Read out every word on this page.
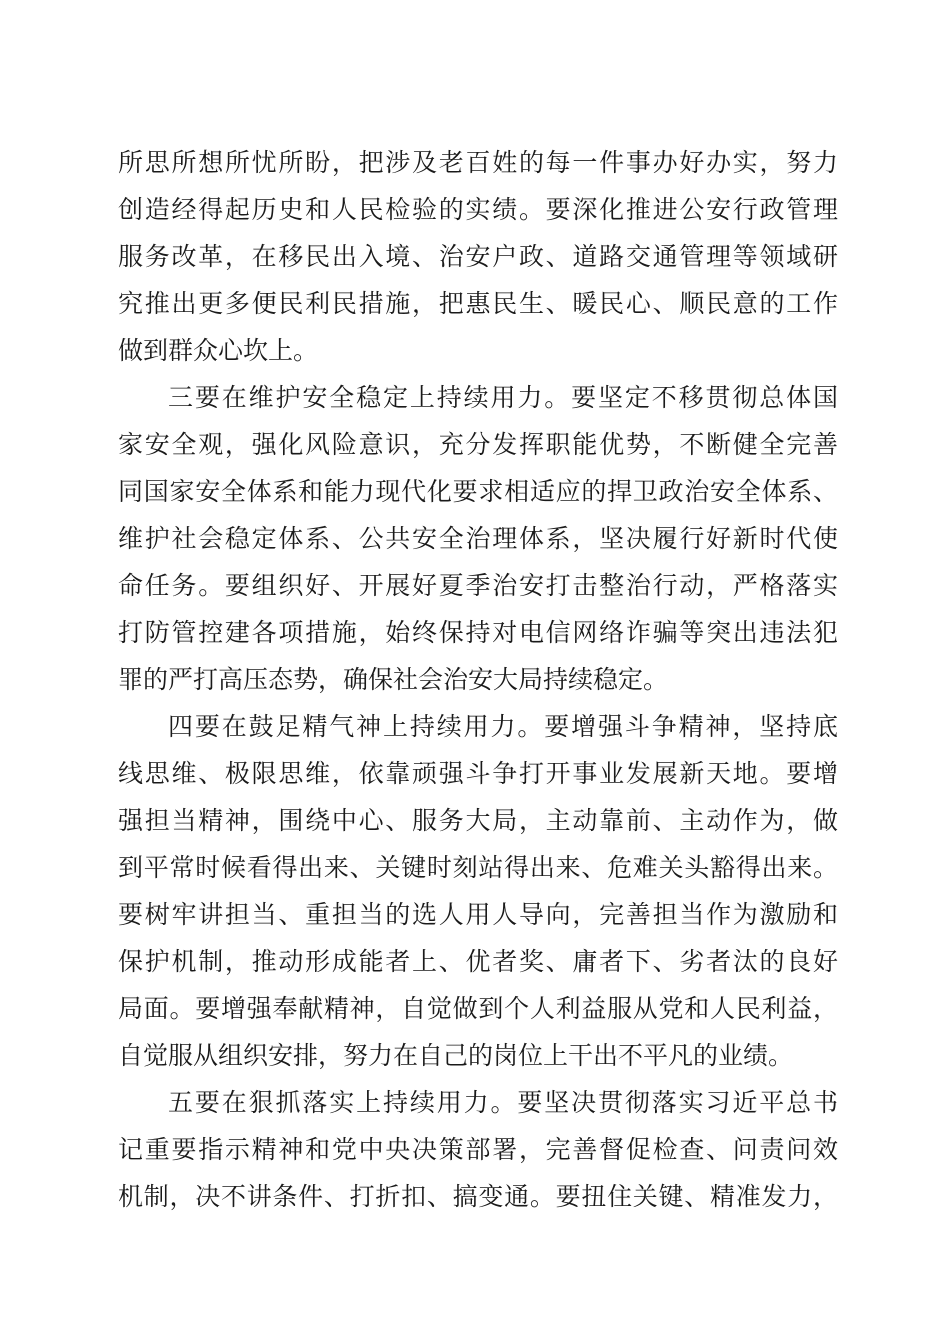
所思所想所忧所盼，把涉及老百姓的每一件事办好办实，努力
创造经得起历史和人民检验的实绩。要深化推进公安行政管理
服务改革，在移民出入境、治安户政、道路交通管理等领域研
究推出更多便民利民措施，把惠民生、暖民心、顺民意的工作
做到群众心坎上。
三要在维护安全稳定上持续用力。要坚定不移贯彻总体国
家安全观，强化风险意识，充分发挥职能优势，不断健全完善
同国家安全体系和能力现代化要求相适应的捍卫政治安全体系、
维护社会稳定体系、公共安全治理体系，坚决履行好新时代使
命任务。要组织好、开展好夏季治安打击整治行动，严格落实
打防管控建各项措施，始终保持对电信网络诈骗等突出违法犯
罪的严打高压态势，确保社会治安大局持续稳定。
四要在鼓足精气神上持续用力。要增强斗争精神，坚持底
线思维、极限思维，依靠顽强斗争打开事业发展新天地。要增
强担当精神，围绕中心、服务大局，主动靠前、主动作为，做
到平常时候看得出来、关键时刻站得出来、危难关头豁得出来。
要树牢讲担当、重担当的选人用人导向，完善担当作为激励和
保护机制，推动形成能者上、优者奖、庸者下、劣者汰的良好
局面。要增强奉献精神，自觉做到个人利益服从党和人民利益，
自觉服从组织安排，努力在自己的岗位上干出不平凡的业绩。
五要在狠抓落实上持续用力。要坚决贯彻落实习近平总书
记重要指示精神和党中央决策部署，完善督促检查、问责问效
机制，决不讲条件、打折扣、搞变通。要扭住关键、精准发力，
